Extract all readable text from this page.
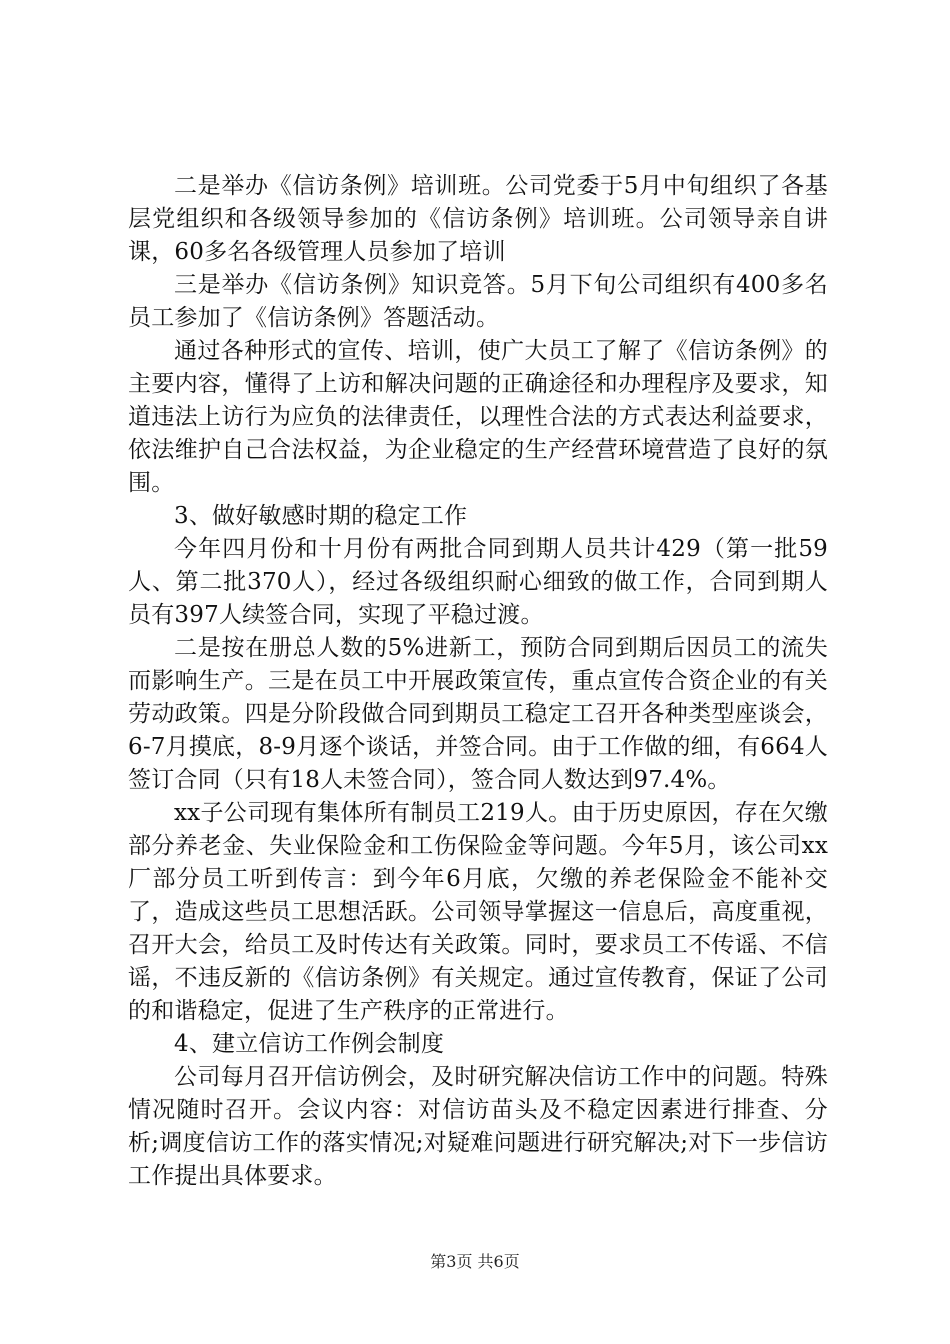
二是举办《信访条例》培训班。公司党委于5月中旬组织了各基层党组织和各级领导参加的《信访条例》培训班。公司领导亲自讲课，60多名各级管理人员参加了培训

三是举办《信访条例》知识竞答。5月下旬公司组织有400多名员工参加了《信访条例》答题活动。

通过各种形式的宣传、培训，使广大员工了解了《信访条例》的主要内容，懂得了上访和解决问题的正确途径和办理程序及要求，知道违法上访行为应负的法律责任，以理性合法的方式表达利益要求，依法维护自己合法权益，为企业稳定的生产经营环境营造了良好的氛围。

3、做好敏感时期的稳定工作

今年四月份和十月份有两批合同到期人员共计429（第一批59人、第二批370人），经过各级组织耐心细致的做工作，合同到期人员有397人续签合同，实现了平稳过渡。

二是按在册总人数的5%进新工，预防合同到期后因员工的流失而影响生产。三是在员工中开展政策宣传，重点宣传合资企业的有关劳动政策。四是分阶段做合同到期员工稳定工召开各种类型座谈会，6-7月摸底，8-9月逐个谈话，并签合同。由于工作做的细，有664人签订合同（只有18人未签合同），签合同人数达到97.4%。

xx子公司现有集体所有制员工219人。由于历史原因，存在欠缴部分养老金、失业保险金和工伤保险金等问题。今年5月，该公司xx厂部分员工听到传言：到今年6月底，欠缴的养老保险金不能补交了，造成这些员工思想活跃。公司领导掌握这一信息后，高度重视，召开大会，给员工及时传达有关政策。同时，要求员工不传谣、不信谣，不违反新的《信访条例》有关规定。通过宣传教育，保证了公司的和谐稳定，促进了生产秩序的正常进行。

4、建立信访工作例会制度

公司每月召开信访例会，及时研究解决信访工作中的问题。特殊情况随时召开。会议内容：对信访苗头及不稳定因素进行排查、分析;调度信访工作的落实情况;对疑难问题进行研究解决;对下一步信访工作提出具体要求。

第3页 共6页
